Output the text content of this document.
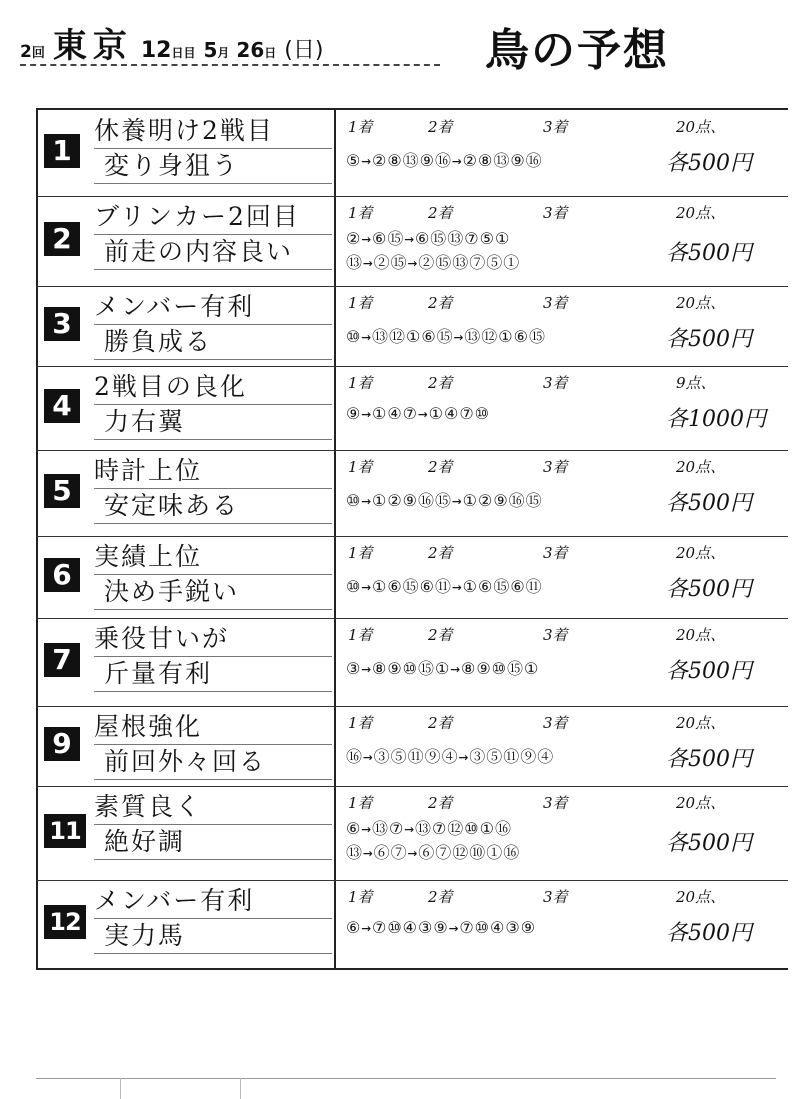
2回 東京 12日目 5月 26日 (日)	鳥の予想
1
休養明け2戦目
変り身狙う
1着	2着	3着	20点、
⑤→②⑧⑬⑨⑯→②⑧⑬⑨⑯	各500円
2
ブリンカー2回目
前走の内容良い
1着	2着	3着	20点、
②→⑥⑮→⑥⑮⑬⑦⑤①
⑬→②⑮→②⑮⑬⑦⑤①	各500円
3
メンバー有利
勝負成る
1着	2着	3着	20点、
⑩→⑬⑫①⑥⑮→⑬⑫①⑥⑮	各500円
4
2戦目の良化
力右翼
1着	2着	3着	9点、
⑨→①④⑦→①④⑦⑩	各1000円
5
時計上位
安定味ある
1着	2着	3着	20点、
⑩→①②⑨⑯⑮→①②⑨⑯⑮	各500円
6
実績上位
決め手鋭い
1着	2着	3着	20点、
⑩→①⑥⑮⑥⑪→①⑥⑮⑥⑪	各500円
7
乗役甘いが
斤量有利
1着	2着	3着	20点、
③→⑧⑨⑩⑮①→⑧⑨⑩⑮①	各500円
9
屋根強化
前回外々回る
1着	2着	3着	20点、
⑯→③⑤⑪⑨④→③⑤⑪⑨④	各500円
11
素質良く
絶好調
1着	2着	3着	20点、
⑥→⑬⑦→⑬⑦⑫⑩①⑯
⑬→⑥⑦→⑥⑦⑫⑩①⑯	各500円
12
メンバー有利
実力馬
1着	2着	3着	20点、
⑥→⑦⑩④③⑨→⑦⑩④③⑨	各500円
